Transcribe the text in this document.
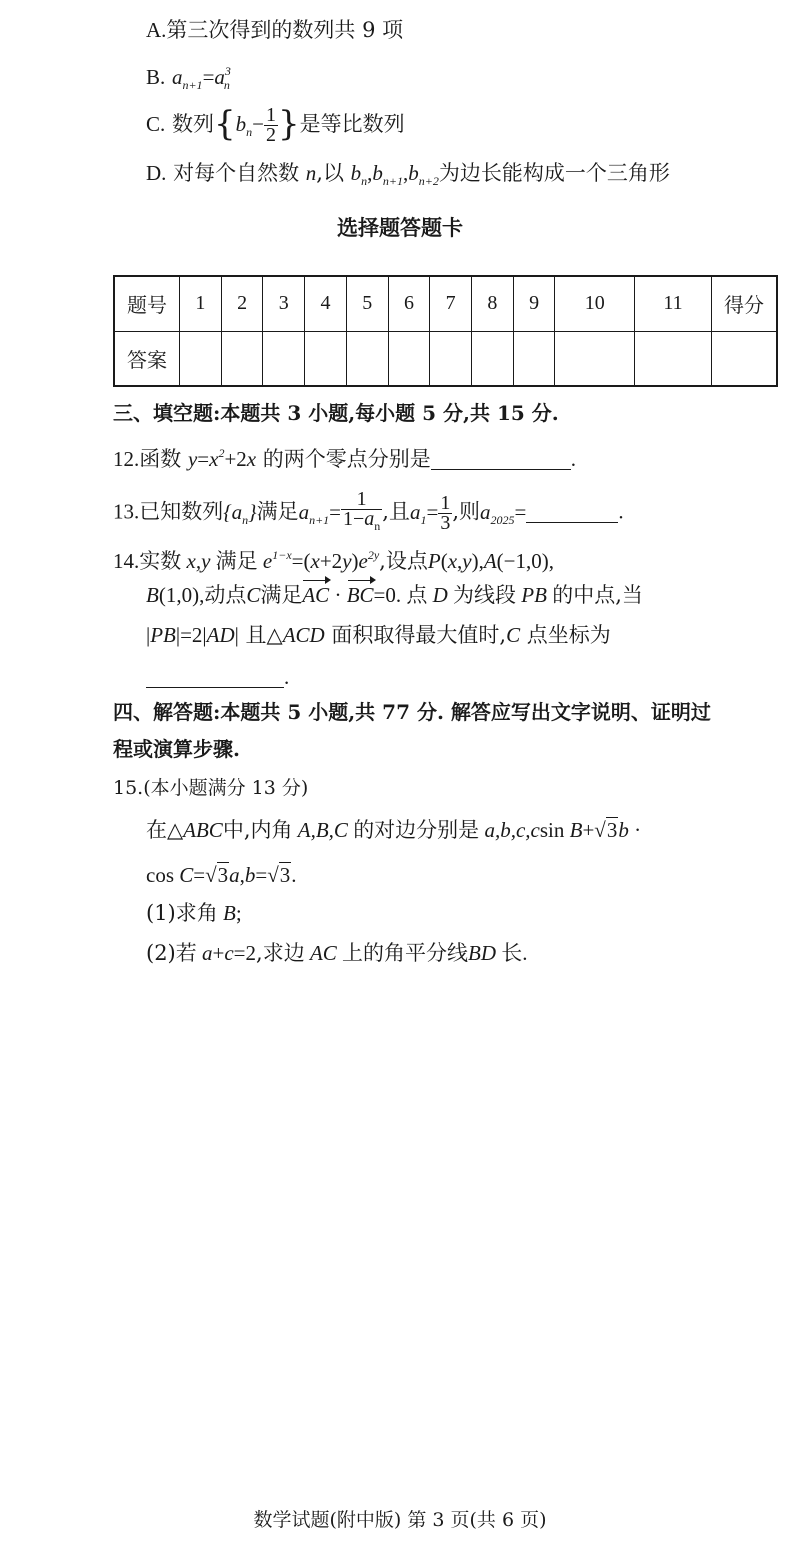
A.第三次得到的数列共 9 项
B. $a_{n+1}=a^3_n$
C. 数列{$b_n- \frac{1}{2}$ }是等比数列
D. 对每个自然数 n,以 $b_n,b_{n+1},b_{n+2}$为边长能构成一个三角形
选择题答题卡
题号	1	2	3	4	5	6	7	8	9	10	11	得分
答案												
三、填空题:本题共 3 小题,每小题 5 分,共 15 分.
12.函数 $y=x^2+2x$ 的两个零点分别是	.
13.已知数列$\{a_n\}$满足$a_{n+1}= \frac{1}{1-a_n}$ ,且$a_1= \frac{1}{3}$ ,则$a_{2025}=$	.
14.实数 x,y 满足 $e^{1-x}=(x+2y)e^{2y}$,设点P(x,y),A(−1,0),
B(1,0),动点C满足AC · BC=0. 点 D 为线段 PB 的中点,当
|PB|=2|AD| 且△ACD 面积取得最大值时,C 点坐标为
.
四、解答题:本题共 5 小题,共 77 分. 解答应写出文字说明、证明过
程或演算步骤.
15.(本小题满分 13 分)
在△ABC中,内角 A,B,C 的对边分别是 a,b,c,csin B+√3b ·
cos C=√3a,b=√3.
(1)求角 B;
(2)若 a+c=2,求边 AC 上的角平分线BD 长.
数学试题(附中版) 第 3 页(共 6 页)
